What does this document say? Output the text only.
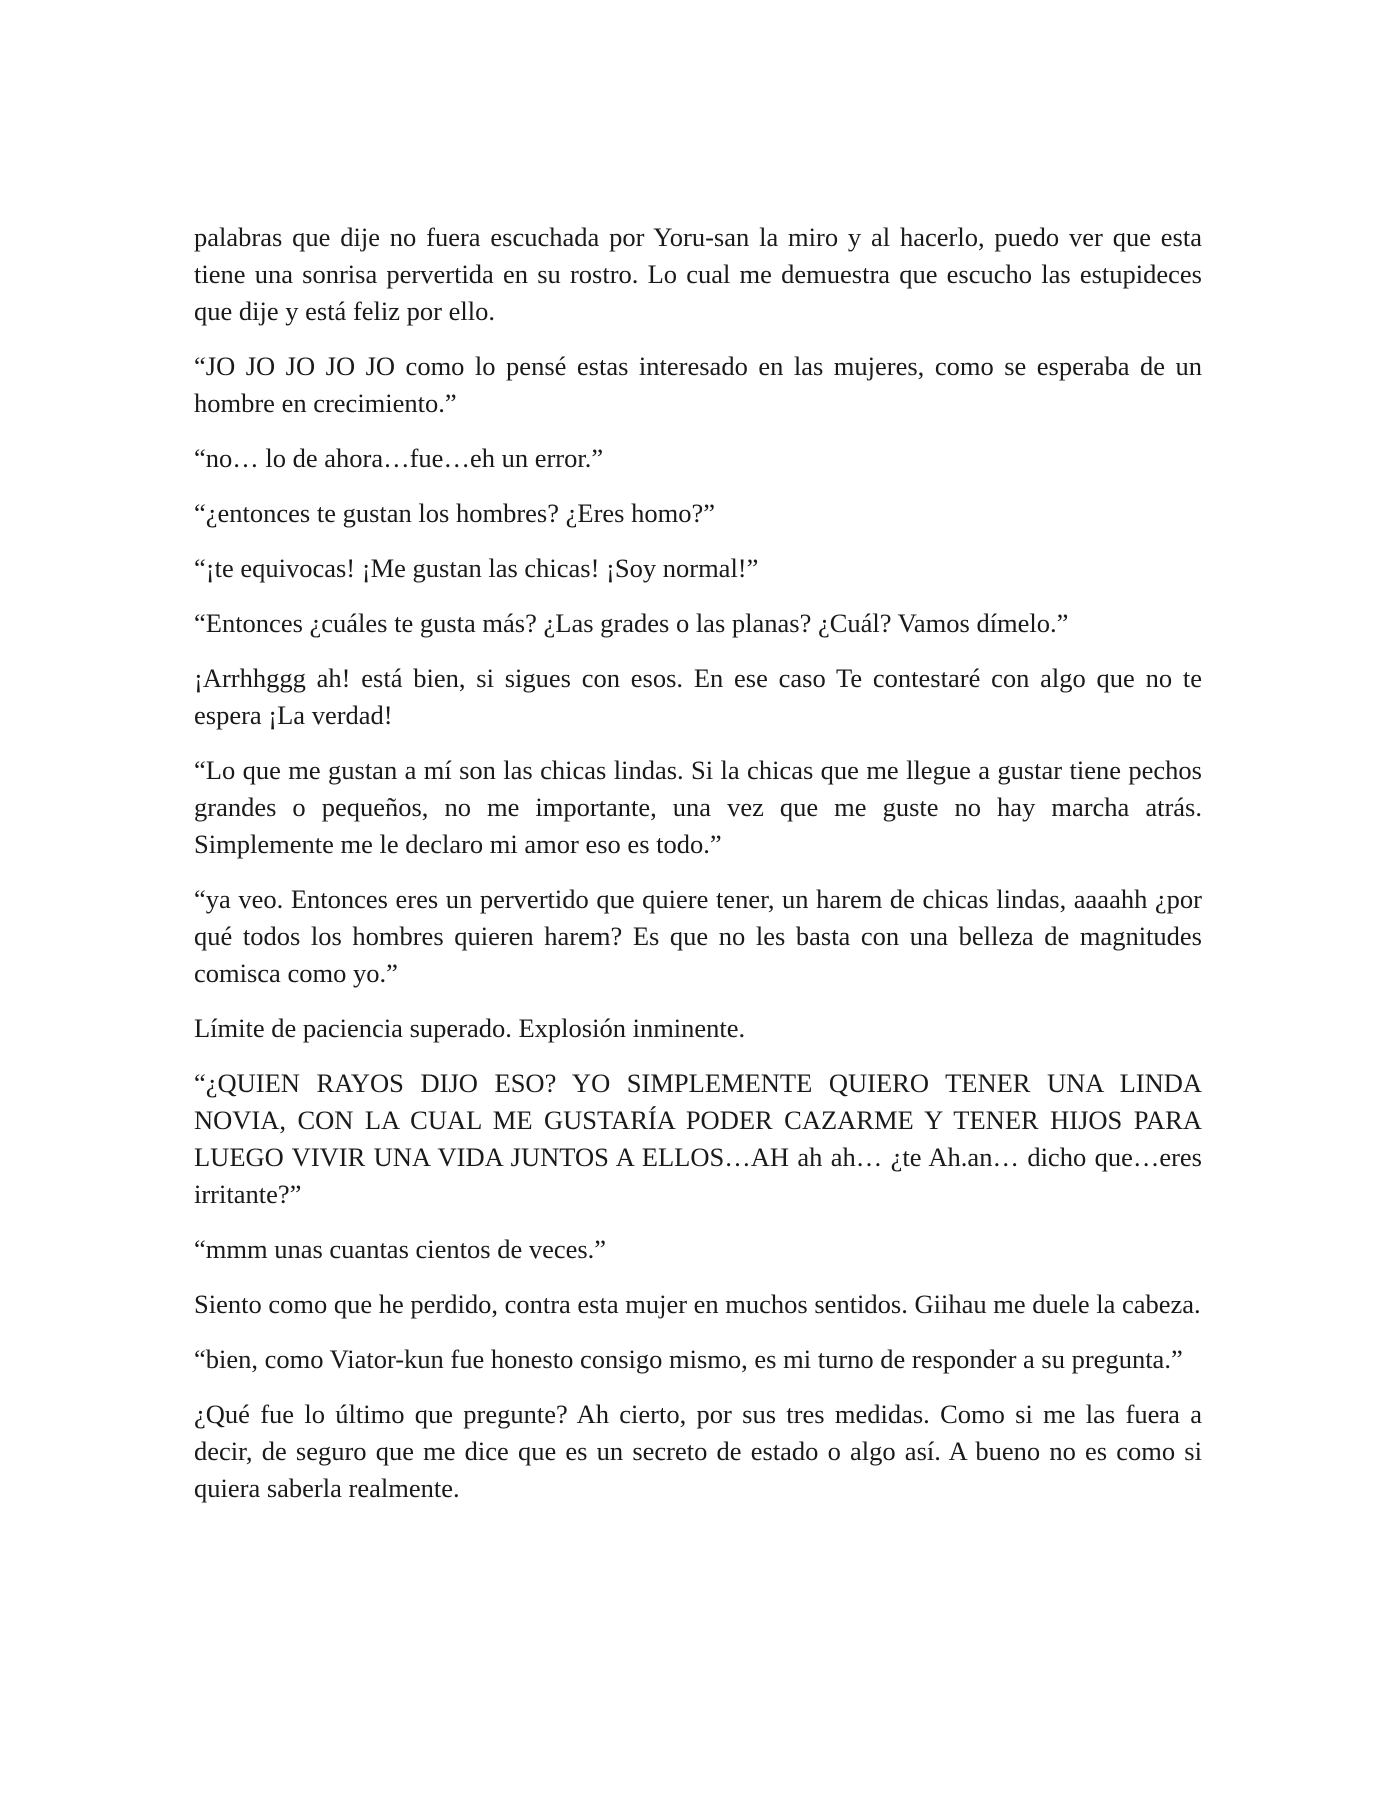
palabras que dije no fuera escuchada por Yoru-san la miro y al hacerlo, puedo ver que esta tiene una sonrisa pervertida en su rostro. Lo cual me demuestra que escucho las estupideces que dije y está feliz por ello.

“JO JO JO JO JO como lo pensé estas interesado en las mujeres, como se esperaba de un hombre en crecimiento.”

“no… lo de ahora…fue…eh un error.”

“¿entonces te gustan los hombres? ¿Eres homo?”

“¡te equivocas! ¡Me gustan las chicas! ¡Soy normal!”

“Entonces ¿cuáles te gusta más? ¿Las grades o las planas? ¿Cuál? Vamos dímelo.”

¡Arrhhggg ah! está bien, si sigues con esos. En ese caso Te contestaré con algo que no te espera ¡La verdad!

“Lo que me gustan a mí son las chicas lindas. Si la chicas que me llegue a gustar tiene pechos grandes o pequeños, no me importante, una vez que me guste no hay marcha atrás. Simplemente me le declaro mi amor eso es todo.”

“ya veo. Entonces eres un pervertido que quiere tener, un harem de chicas lindas, aaaahh ¿por qué todos los hombres quieren harem? Es que no les basta con una belleza de magnitudes comisca como yo.”

Límite de paciencia superado. Explosión inminente.

“¿QUIEN RAYOS DIJO ESO? YO SIMPLEMENTE QUIERO TENER UNA LINDA NOVIA, CON LA CUAL ME GUSTARÍA PODER CAZARME Y TENER HIJOS PARA LUEGO VIVIR UNA VIDA JUNTOS A ELLOS…AH ah ah… ¿te Ah.an… dicho que…eres irritante?”

“mmm unas cuantas cientos de veces.”

Siento como que he perdido, contra esta mujer en muchos sentidos. Giihau me duele la cabeza.

“bien, como Viator-kun fue honesto consigo mismo, es mi turno de responder a su pregunta.”

¿Qué fue lo último que pregunte? Ah cierto, por sus tres medidas. Como si me las fuera a decir, de seguro que me dice que es un secreto de estado o algo así. A bueno no es como si quiera saberla realmente.
